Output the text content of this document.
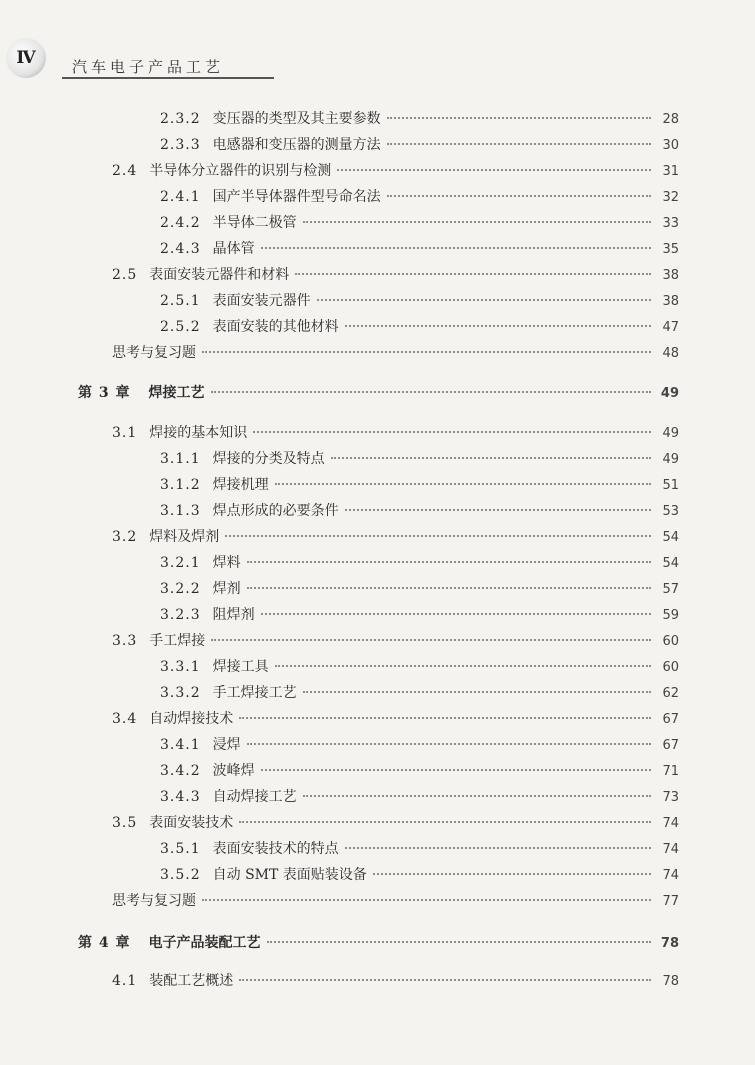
Ⅳ	汽车电子产品工艺
2.3.2 变压器的类型及其主要参数	28
2.3.3 电感器和变压器的测量方法	30
2.4 半导体分立器件的识别与检测	31
2.4.1 国产半导体器件型号命名法	32
2.4.2 半导体二极管	33
2.4.3 晶体管	35
2.5 表面安装元器件和材料	38
2.5.1 表面安装元器件	38
2.5.2 表面安装的其他材料	47
思考与复习题	48
第 3 章 焊接工艺	49
3.1 焊接的基本知识	49
3.1.1 焊接的分类及特点	49
3.1.2 焊接机理	51
3.1.3 焊点形成的必要条件	53
3.2 焊料及焊剂	54
3.2.1 焊料	54
3.2.2 焊剂	57
3.2.3 阻焊剂	59
3.3 手工焊接	60
3.3.1 焊接工具	60
3.3.2 手工焊接工艺	62
3.4 自动焊接技术	67
3.4.1 浸焊	67
3.4.2 波峰焊	71
3.4.3 自动焊接工艺	73
3.5 表面安装技术	74
3.5.1 表面安装技术的特点	74
3.5.2 自动 SMT 表面贴装设备	74
思考与复习题	77
第 4 章 电子产品装配工艺	78
4.1 装配工艺概述	78
